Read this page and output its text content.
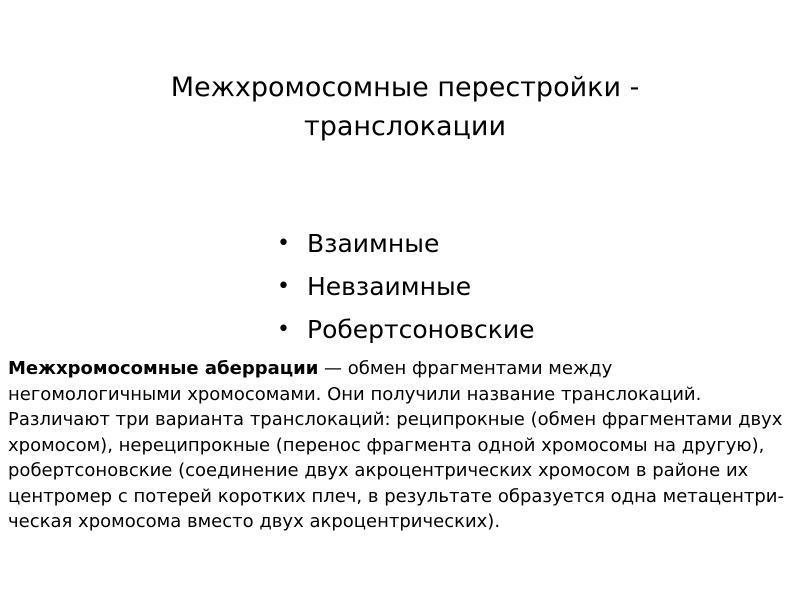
Межхромосомные перестройки - транслокации
• Взаимные
• Невзаимные
• Робертсоновские

Межхромосомные аберрации — обмен фрагментами между негомологичными хромосомами. Они получили название транслокаций. Различают три варианта транслокаций: реципрокные (обмен фрагментами двух хромосом), нереципрокные (перенос фрагмента одной хромосомы на другую), робертсоновские (соединение двух акроцентрических хромосом в районе их центромер с потерей коротких плеч, в результате образуется одна метацентри-ческая хромосома вместо двух акроцентрических).
